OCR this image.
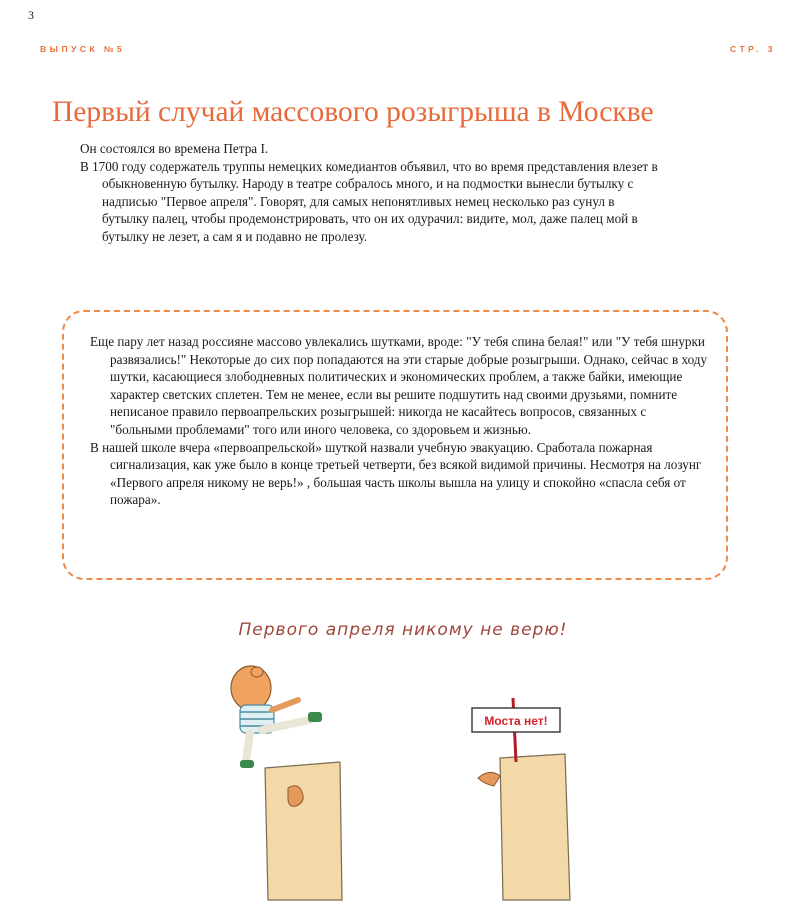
3
ВЫПУСК №5	СТР. 3
Первый случай массового розыгрыша в Москве

Он состоялся во времена Петра I.

В 1700 году содержатель труппы немецких комедиантов объявил, что во время представления влезет в обыкновенную бутылку. Народу в театре собралось много, и на подмостки вынесли бутылку с надписью "Первое апреля". Говорят, для самых непонятливых немец несколько раз сунул в бутылку палец, чтобы продемонстрировать, что он их одурачил: видите, мол, даже палец мой в бутылку не лезет, а сам я и подавно не пролезу.

Еще пару лет назад россияне массово увлекались шутками, вроде: "У тебя спина белая!" или "У тебя шнурки развязались!" Некоторые до сих пор попадаются на эти старые добрые розыгрыши. Однако, сейчас в ходу шутки, касающиеся злободневных политических и экономических проблем, а также байки, имеющие характер светских сплетен. Тем не менее, если вы решите подшутить над своими друзьями, помните неписаное правило первоапрельских розыгрышей: никогда не касайтесь вопросов, связанных с "больными проблемами" того или иного человека, со здоровьем и жизнью.

В нашей школе вчера «первоапрельской» шуткой назвали учебную эвакуацию. Сработала пожарная сигнализация, как уже было в конце третьей четверти, без всякой видимой причины. Несмотря на лозунг «Первого апреля никому не верь!» , большая часть школы вышла на улицу и спокойно «спасла себя от пожара».

Первого апреля никому не верю!
Моста нет!
